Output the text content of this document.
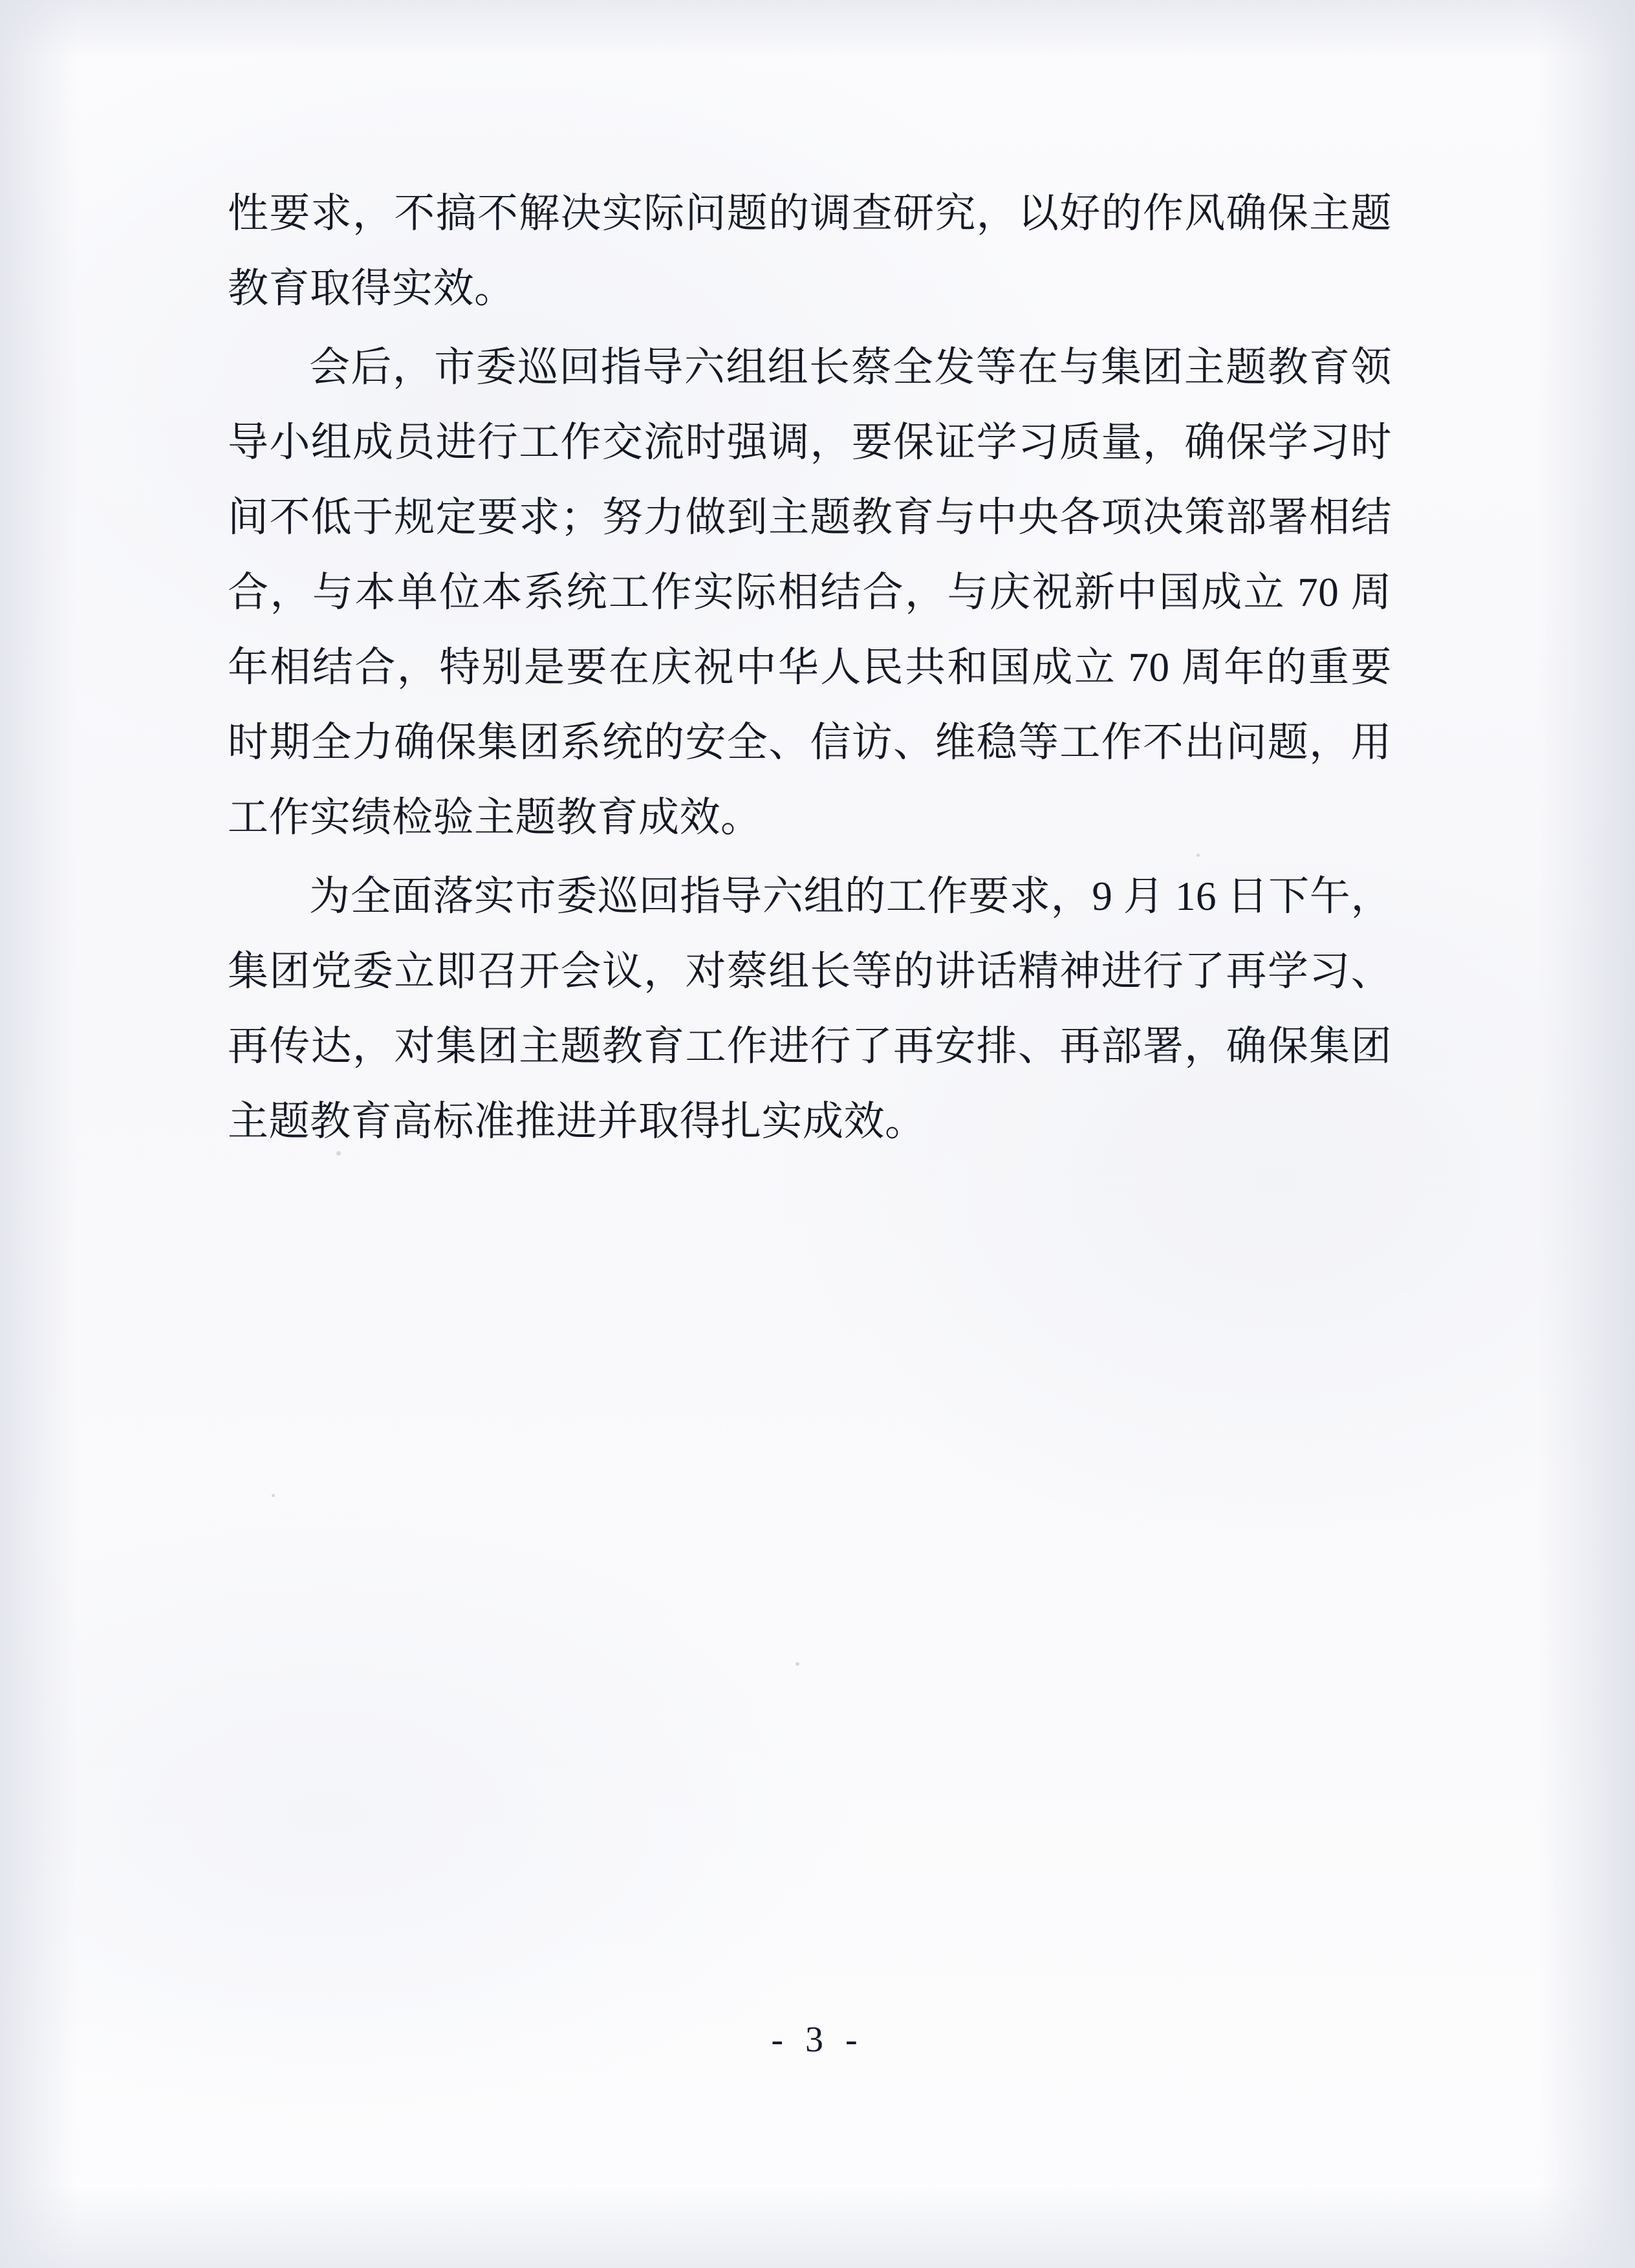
性要求，不搞不解决实际问题的调查研究，以好的作风确保主题教育取得实效。

会后，市委巡回指导六组组长蔡全发等在与集团主题教育领导小组成员进行工作交流时强调，要保证学习质量，确保学习时间不低于规定要求；努力做到主题教育与中央各项决策部署相结合，与本单位本系统工作实际相结合，与庆祝新中国成立 70 周年相结合，特别是要在庆祝中华人民共和国成立 70 周年的重要时期全力确保集团系统的安全、信访、维稳等工作不出问题，用工作实绩检验主题教育成效。

为全面落实市委巡回指导六组的工作要求，9 月 16 日下午，集团党委立即召开会议，对蔡组长等的讲话精神进行了再学习、再传达，对集团主题教育工作进行了再安排、再部署，确保集团主题教育高标准推进并取得扎实成效。

- 3 -
